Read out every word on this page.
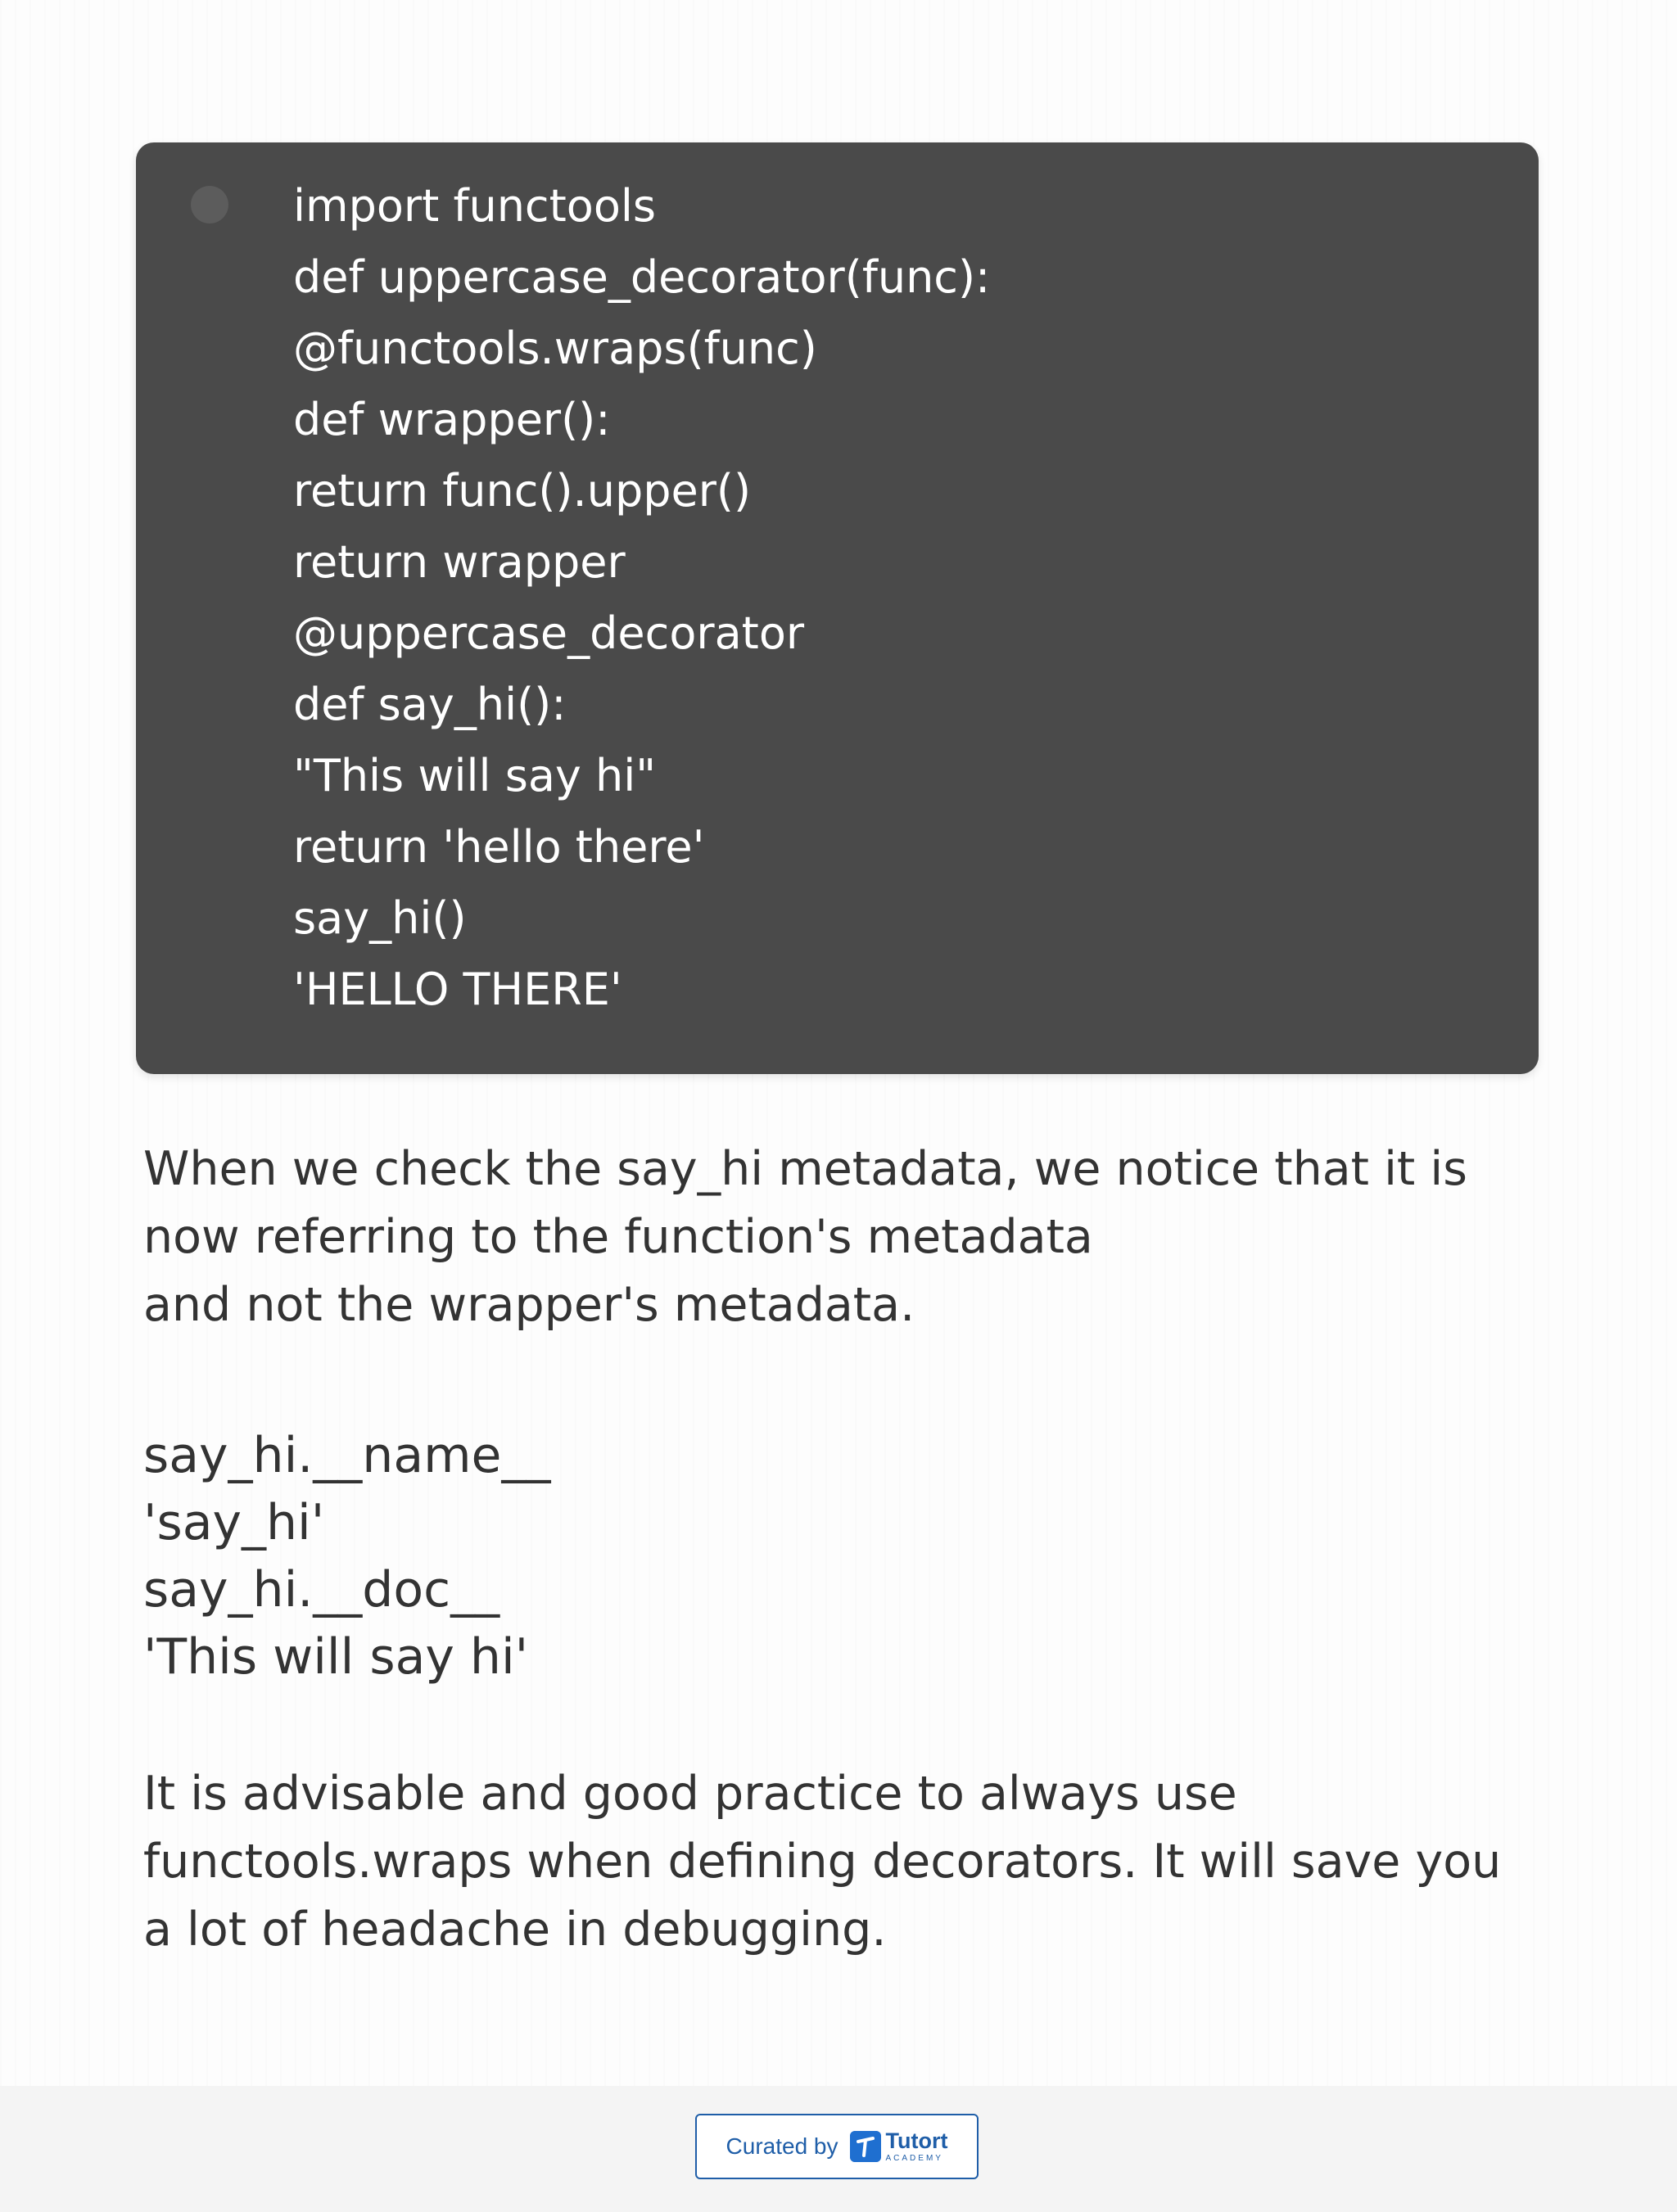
import functools
def uppercase_decorator(func):
@functools.wraps(func)
def wrapper():
return func().upper()
return wrapper
@uppercase_decorator
def say_hi():
"This will say hi"
return 'hello there'
say_hi()
'HELLO THERE'
When we check the say_hi metadata, we notice that it is
now referring to the function's metadata
and not the wrapper's metadata.
say_hi.__name__
'say_hi'
say_hi.__doc__
'This will say hi'
It is advisable and good practice to always use
functools.wraps when defining decorators. It will save you
a lot of headache in debugging.
Curated by Tutort
ACADEMY
